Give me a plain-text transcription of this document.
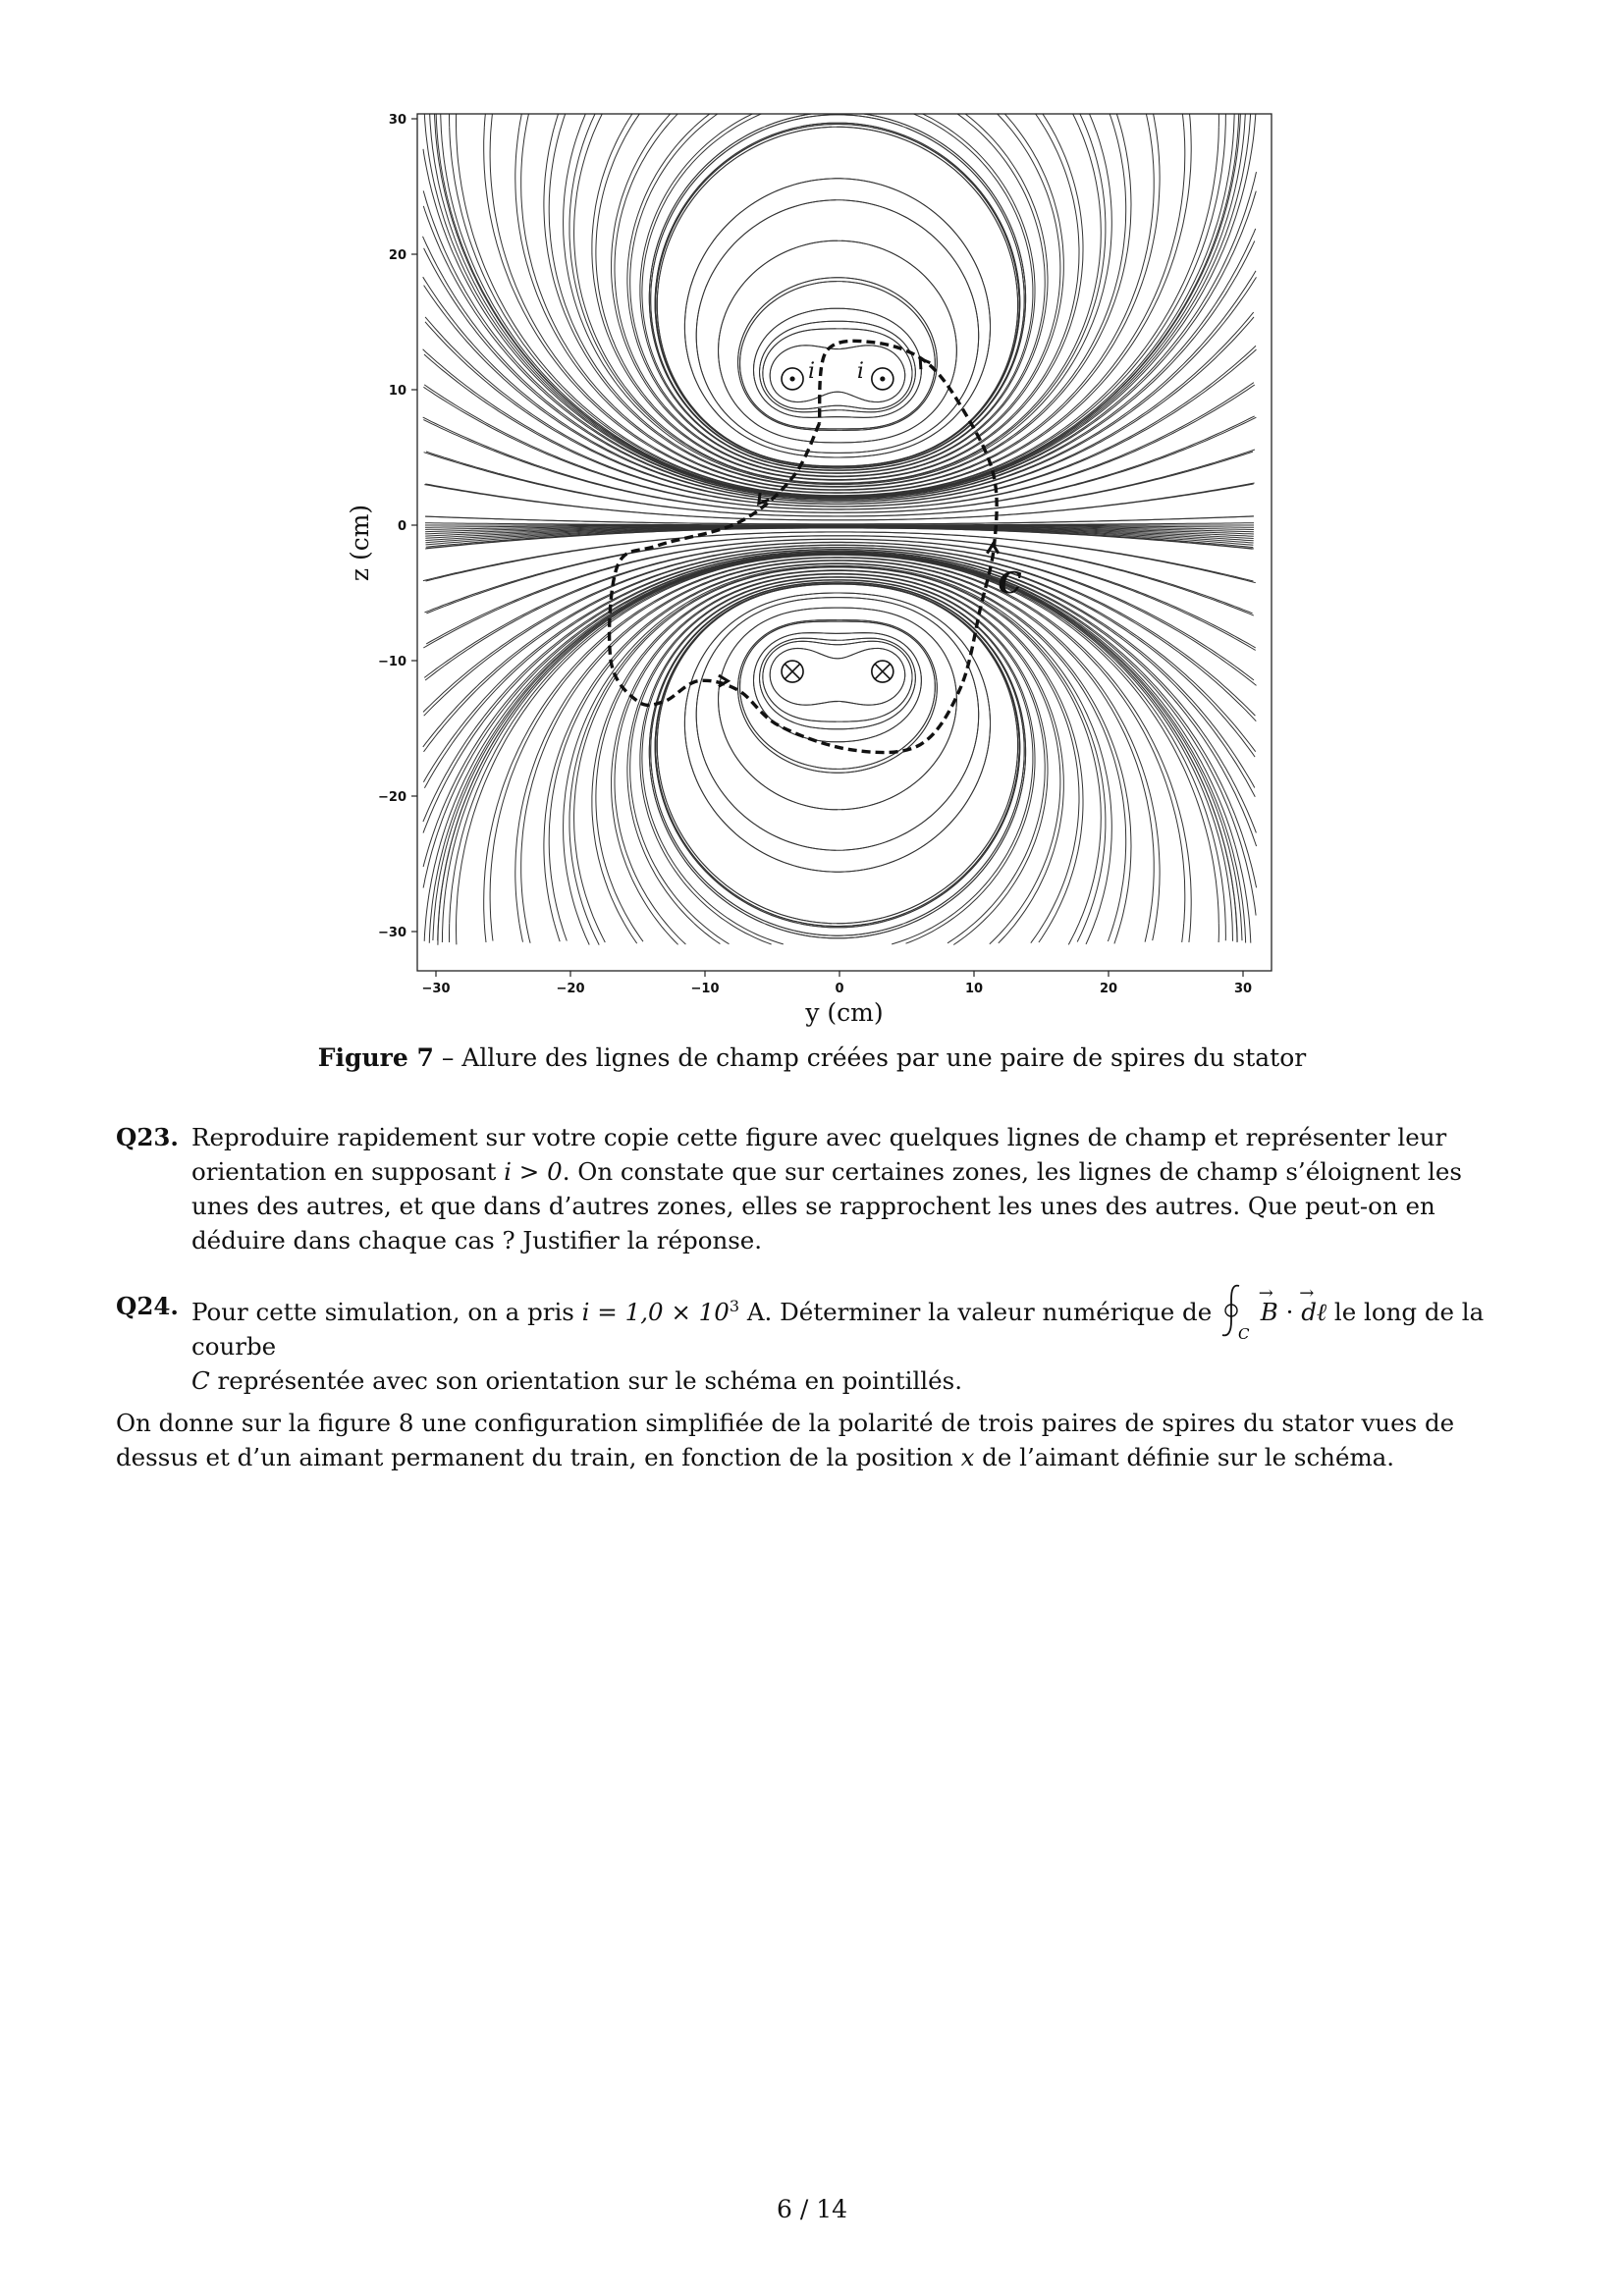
−30	−20	−10	0	10	20	30
30
20
10
0
−10
−20
−30
i i
C
y (cm)
z (cm)
Figure 7 – Allure des lignes de champ créées par une paire de spires du stator
Q23. Reproduire rapidement sur votre copie cette figure avec quelques lignes de champ et représenter leur orientation en supposant i > 0. On constate que sur certaines zones, les lignes de champ s’éloignent les unes des autres, et que dans d’autres zones, elles se rapprochent les unes des autres. Que peut-on en déduire dans chaque cas ? Justifier la réponse.
Q24. Pour cette simulation, on a pris $i = 1,0 \times 10^3$ A. Déterminer la valeur numérique de
C
→ B · → dℓ le long de la courbe
C représentée avec son orientation sur le schéma en pointillés.
On donne sur la figure 8 une configuration simplifiée de la polarité de trois paires de spires du stator vues de dessus et d’un aimant permanent du train, en fonction de la position x de l’aimant définie sur le schéma.
6 / 14
